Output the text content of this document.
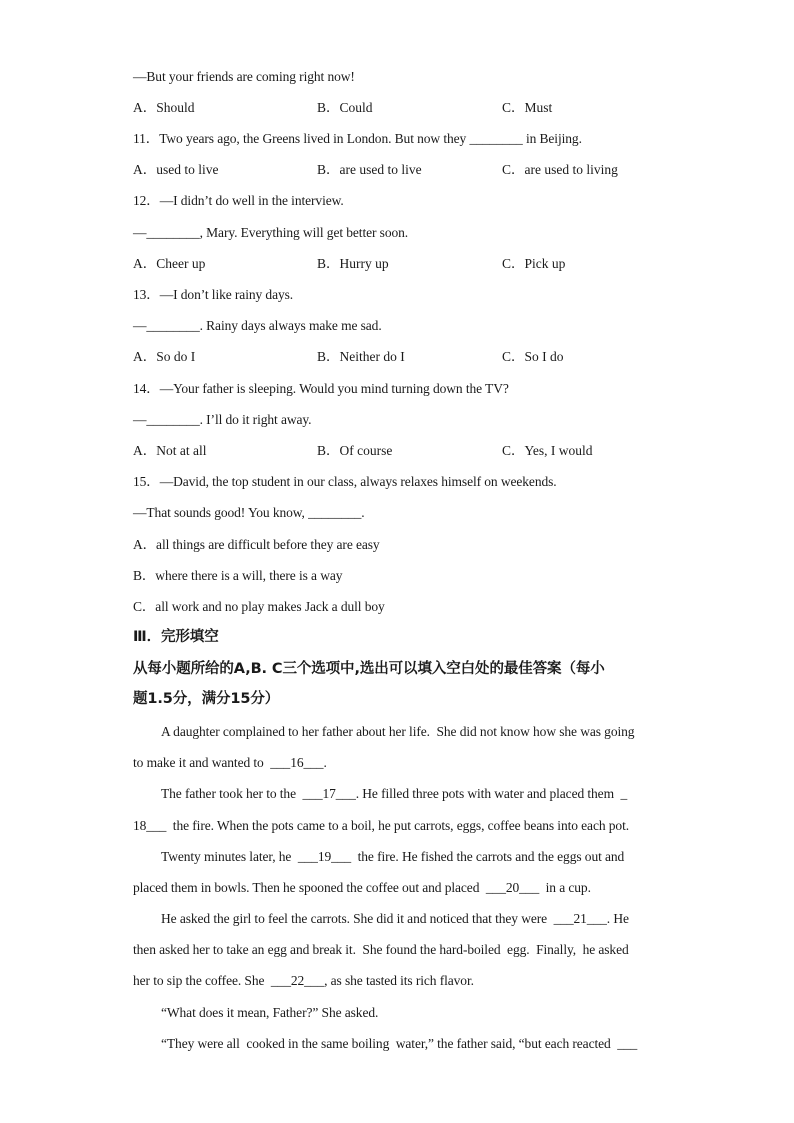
—But your friends are coming right now!
A．Should	B．Could	C．Must
11．Two years ago, the Greens lived in London. But now they ________ in Beijing.
A．used to live	B．are used to live	C．are used to living
12．—I didn’t do well in the interview.
—________, Mary. Everything will get better soon.
A．Cheer up	B．Hurry up	C．Pick up
13．—I don’t like rainy days.
—________. Rainy days always make me sad.
A．So do I	B．Neither do I	C．So I do
14．—Your father is sleeping. Would you mind turning down the TV?
—________. I’ll do it right away.
A．Not at all	B．Of course	C．Yes, I would
15．—David, the top student in our class, always relaxes himself on weekends.
—That sounds good! You know, ________.
A．all things are difficult before they are easy
B．where there is a will, there is a way
C．all work and no play makes Jack a dull boy
Ⅲ．完形填空
从每小题所给的A,B. C三个选项中,选出可以填入空白处的最佳答案（每小
题1.5分，满分15分）
A daughter complained to her father about her life.  She did not know how she was going
to make it and wanted to  ___16___.
The father took her to the  ___17___. He filled three pots with water and placed them  _
18___  the fire. When the pots came to a boil, he put carrots, eggs, coffee beans into each pot.
Twenty minutes later, he  ___19___  the fire. He fished the carrots and the eggs out and
placed them in bowls. Then he spooned the coffee out and placed  ___20___  in a cup.
He asked the girl to feel the carrots. She did it and noticed that they were  ___21___. He
then asked her to take an egg and break it.  She found the hard-boiled  egg.  Finally,  he asked
her to sip the coffee. She  ___22___, as she tasted its rich flavor.
“What does it mean, Father?” She asked.
“They were all  cooked in the same boiling  water,” the father said, “but each reacted  ___
